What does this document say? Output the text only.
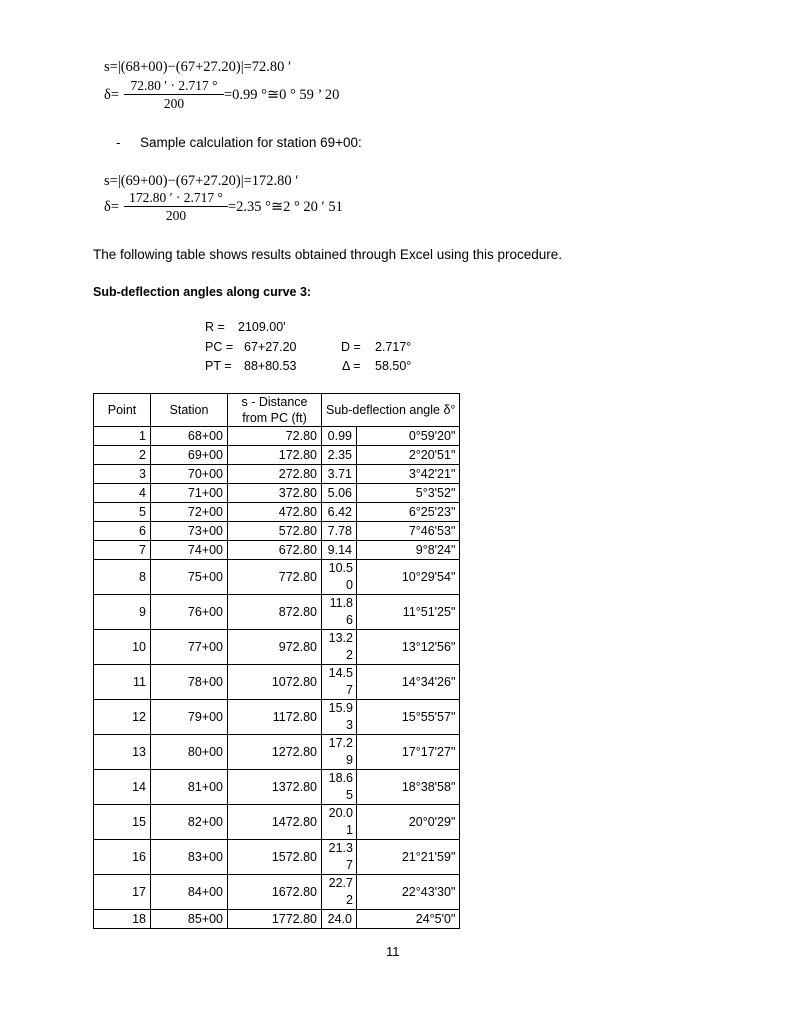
s=|(68+00)−(67+27.20)|=72.80 ′
$\delta= \frac{72.80 ' \cdot 2.717 ^\circ}{200} =0.99$ °≅0 ° 59 ’ 20
- Sample calculation for station 69+00:
s=|(69+00)−(67+27.20)|=172.80 ′
$\delta= \frac{172.80 ' \cdot 2.717 ^\circ}{200} =2.35$ °≅2 ° 20 ′ 51
The following table shows results obtained through Excel using this procedure.
Sub-deflection angles along curve 3:
R = 2109.00'
PC = 67+27.20	D = 2.717°
PT = 88+80.53	Δ = 58.50°
Point	Station	s - Distance from PC (ft)	Sub-deflection angle δ°	
1	68+00	72.80	0.99	0°59'20"
2	69+00	172.80	2.35	2°20'51"
3	70+00	272.80	3.71	3°42'21"
4	71+00	372.80	5.06	5°3'52"
5	72+00	472.80	6.42	6°25'23"
6	73+00	572.80	7.78	7°46'53"
7	74+00	672.80	9.14	9°8'24"
8	75+00	772.80	10.50	10°29'54"
9	76+00	872.80	11.86	11°51'25"
10	77+00	972.80	13.22	13°12'56"
11	78+00	1072.80	14.57	14°34'26"
12	79+00	1172.80	15.93	15°55'57"
13	80+00	1272.80	17.29	17°17'27"
14	81+00	1372.80	18.65	18°38'58"
15	82+00	1472.80	20.01	20°0'29"
16	83+00	1572.80	21.37	21°21'59"
17	84+00	1672.80	22.72	22°43'30"
18	85+00	1772.80	24.0	24°5'0"
11
